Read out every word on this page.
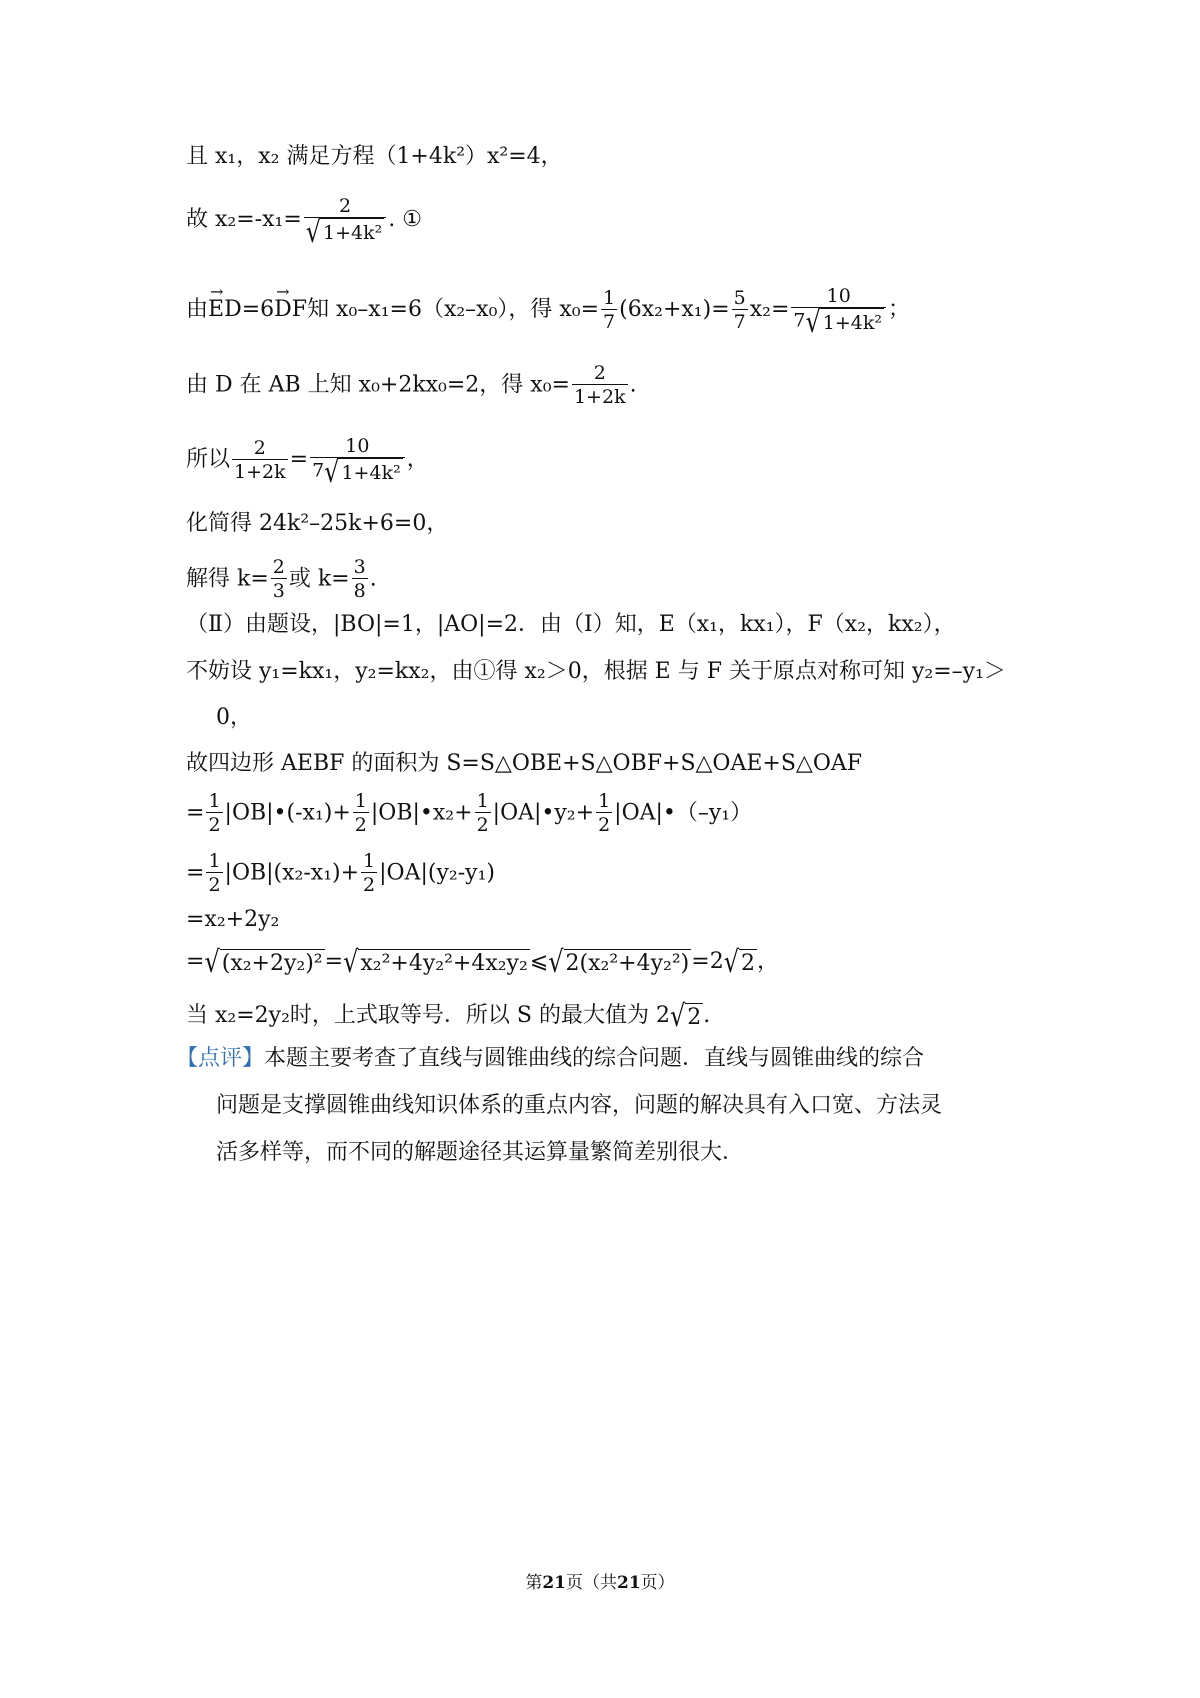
且 x₁，x₂ 满足方程（1+4k²）x²=4，
故 $x_2=-x_1= \frac{2}{\text{√ 1+4k²}}$ . ①
由→ ED=6→ DF知 x₀–x₁=6（x₂–x₀），得 $x_0= \frac{1}{7} (6x_2+x_1)= \frac{5}{7} x_2= \frac{10}{\text{7√ 1+4k²}}$ ；
由 D 在 AB 上知 x₀+2kx₀=2，得 $x_0= \frac{2}{1+2k}$ .
所以 $\frac{2}{1+2k} = \frac{10}{\text{7√ 1+4k²}}$ ，
化简得 24k²–25k+6=0，
解得 $k= \frac{2}{3}$ 或 $k= \frac{3}{8}$ .
（Ⅱ）由题设，|BO|=1，|AO|=2．由（Ⅰ）知，E（x₁，kx₁），F（x₂，kx₂），
不妨设 y₁=kx₁，y₂=kx₂，由①得 x₂＞0，根据 E 与 F 关于原点对称可知 y₂=–y₁＞
0，
故四边形 AEBF 的面积为 S=S△OBE+S△OBF+S△OAE+S△OAF
= $\frac{1}{2}$ |OB|•(-x₁)+ $\frac{1}{2}$ |OB|•x₂+ $\frac{1}{2}$ |OA|•y₂+ $\frac{1}{2}$ |OA|•（–y₁）
= $\frac{1}{2} |OB|(x_2-x_1)+ \frac{1}{2} |OA|(y_2-y_1)$
=x₂+2y₂
=√(x₂+2y₂)²=√x₂²+4y₂²+4x₂y₂⩽√2(x₂²+4y₂²)=2√2，
当 x₂=2y₂时，上式取等号．所以 S 的最大值为 2√2.
【点评】本题主要考查了直线与圆锥曲线的综合问题．直线与圆锥曲线的综合
问题是支撑圆锥曲线知识体系的重点内容，问题的解决具有入口宽、方法灵
活多样等，而不同的解题途径其运算量繁简差别很大．
第21页（共21页）
